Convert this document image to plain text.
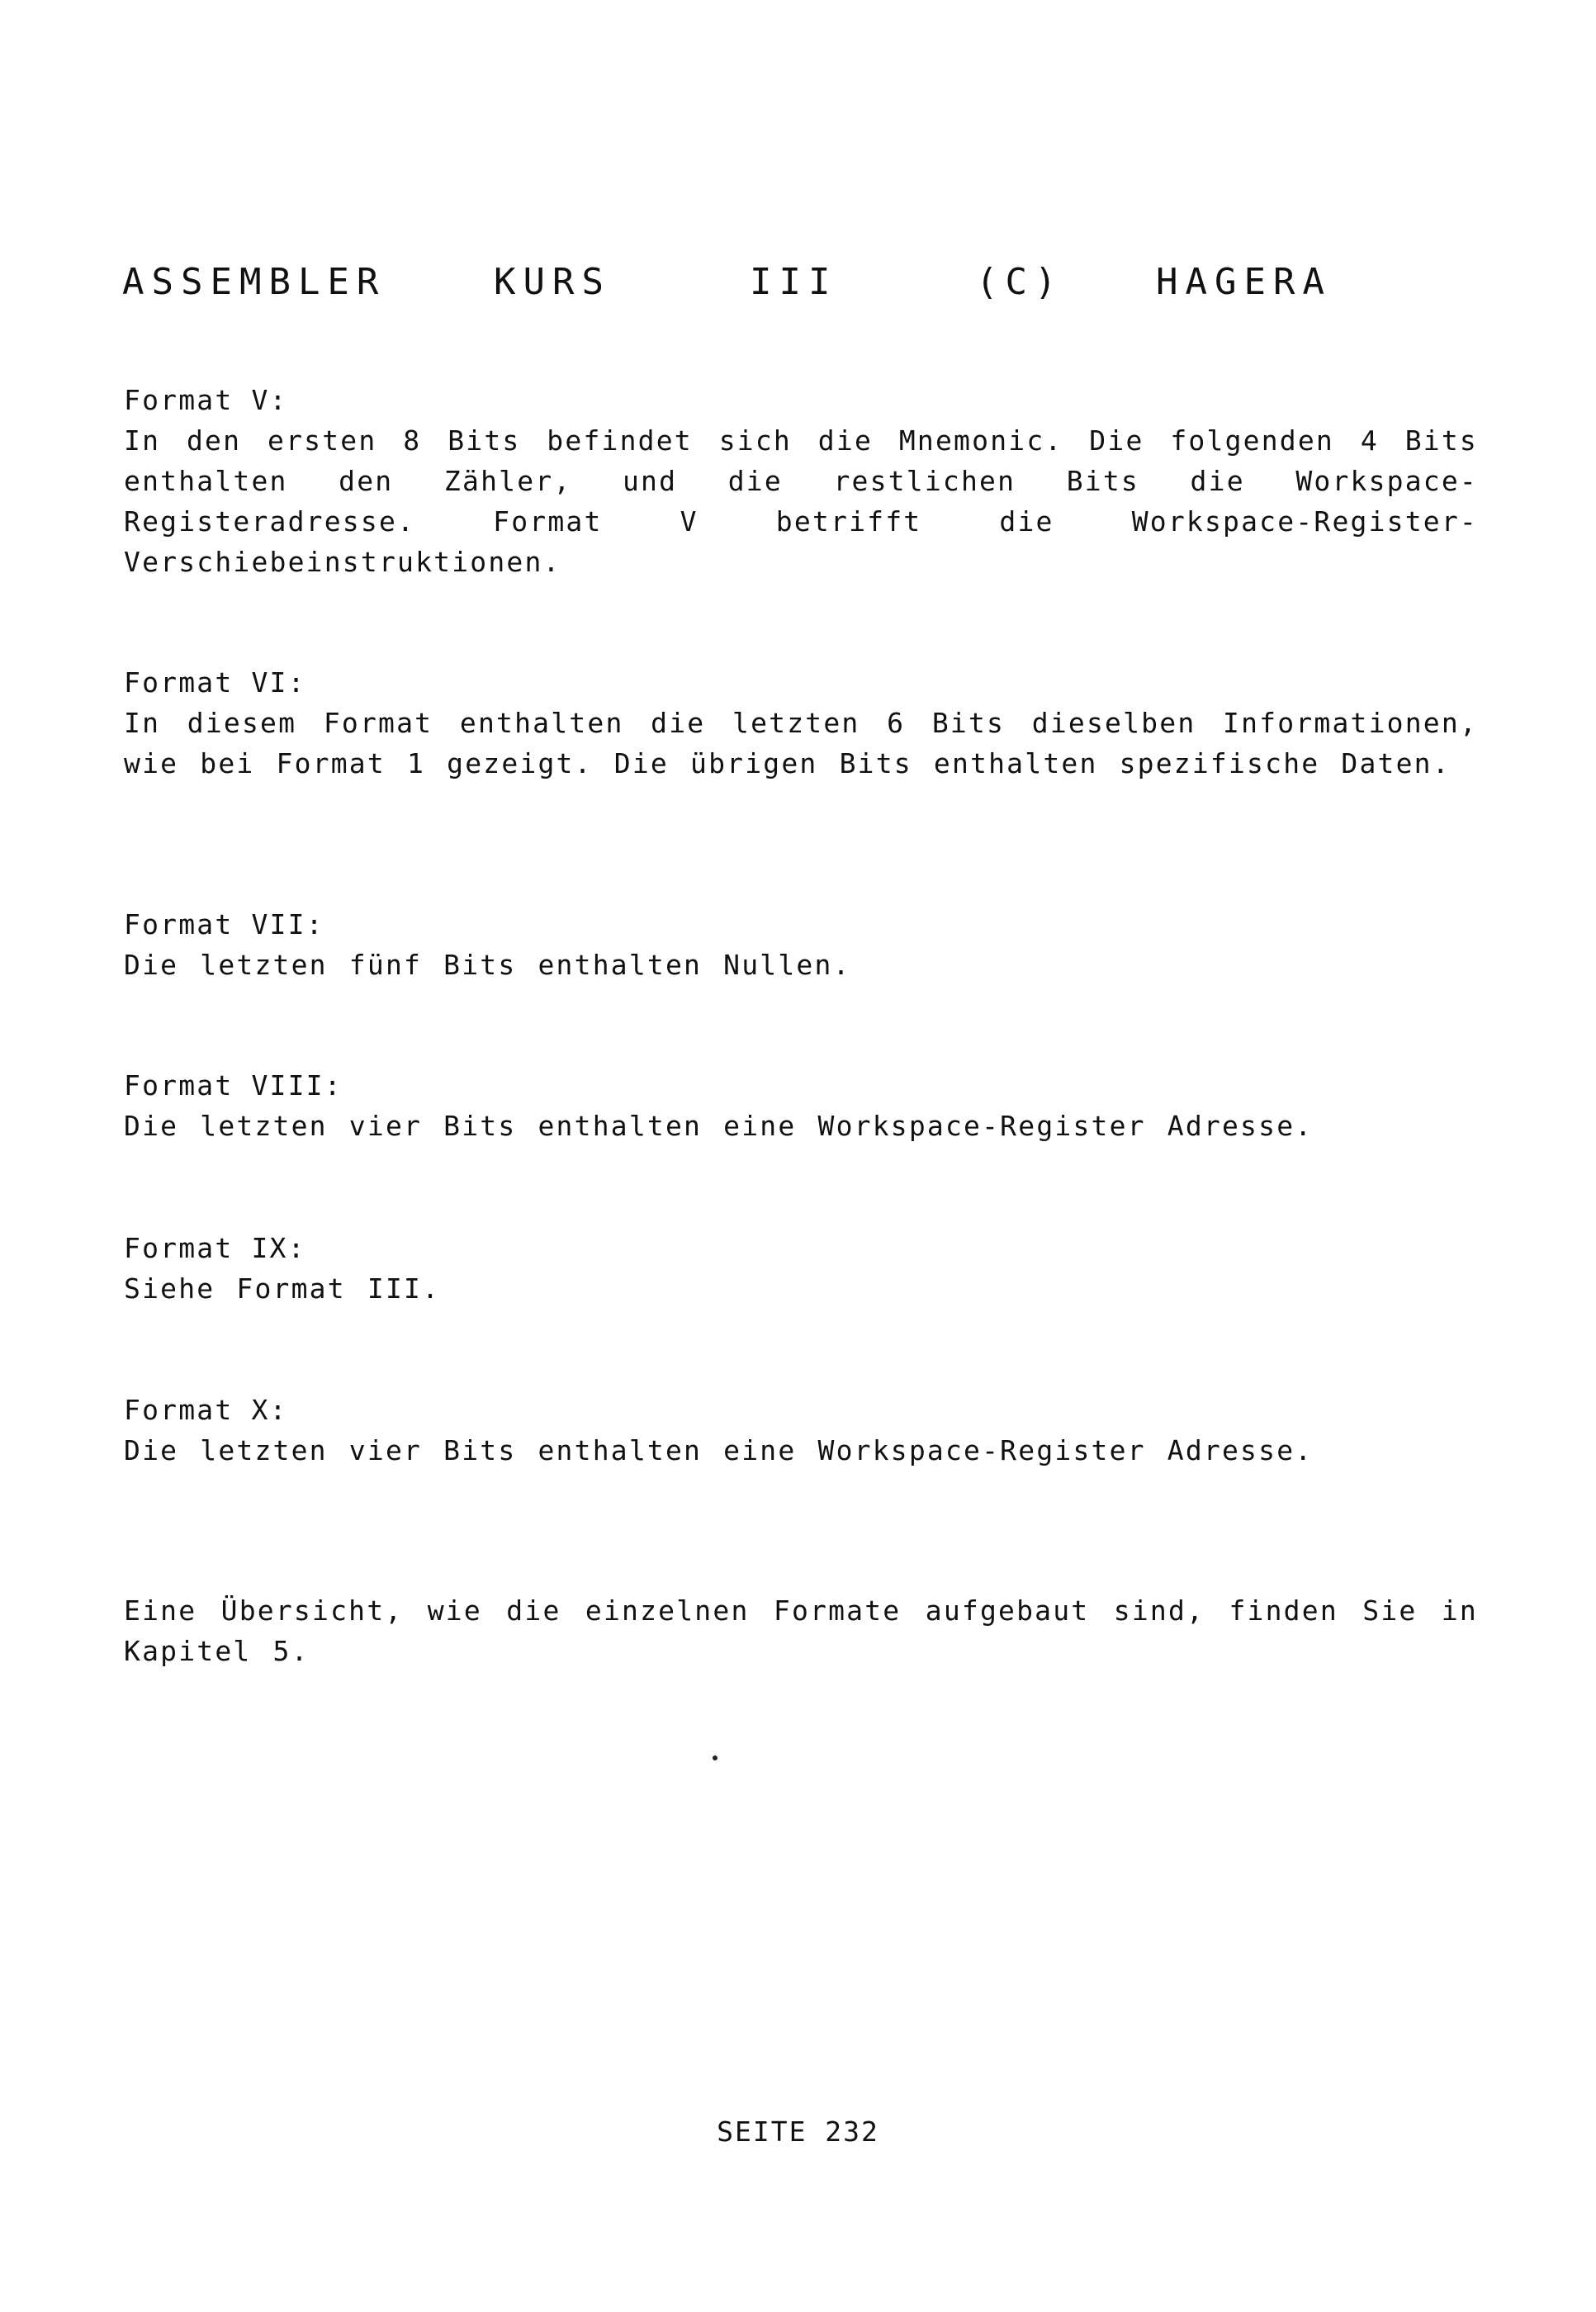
ASSEMBLER

	KURS

	III

	(C)

	HAGERA

Format V:
In den ersten 8 Bits befindet sich die Mnemonic. Die folgenden 4 Bits enthalten den Zähler, und die restlichen Bits die Workspace-Registeradresse. Format V betrifft die Workspace-Register-Verschiebeinstruktionen.
Format VI:
In diesem Format enthalten die letzten 6 Bits dieselben Informationen, wie bei Format 1 gezeigt. Die übrigen Bits enthalten spezifische Daten.
Format VII:
Die letzten fünf Bits enthalten Nullen.
Format VIII:
Die letzten vier Bits enthalten eine Workspace-Register Adresse.
Format IX:
Siehe Format III.
Format X:
Die letzten vier Bits enthalten eine Workspace-Register Adresse.
Eine Übersicht, wie die einzelnen Formate aufgebaut sind, finden Sie in Kapitel 5.
SEITE 232
